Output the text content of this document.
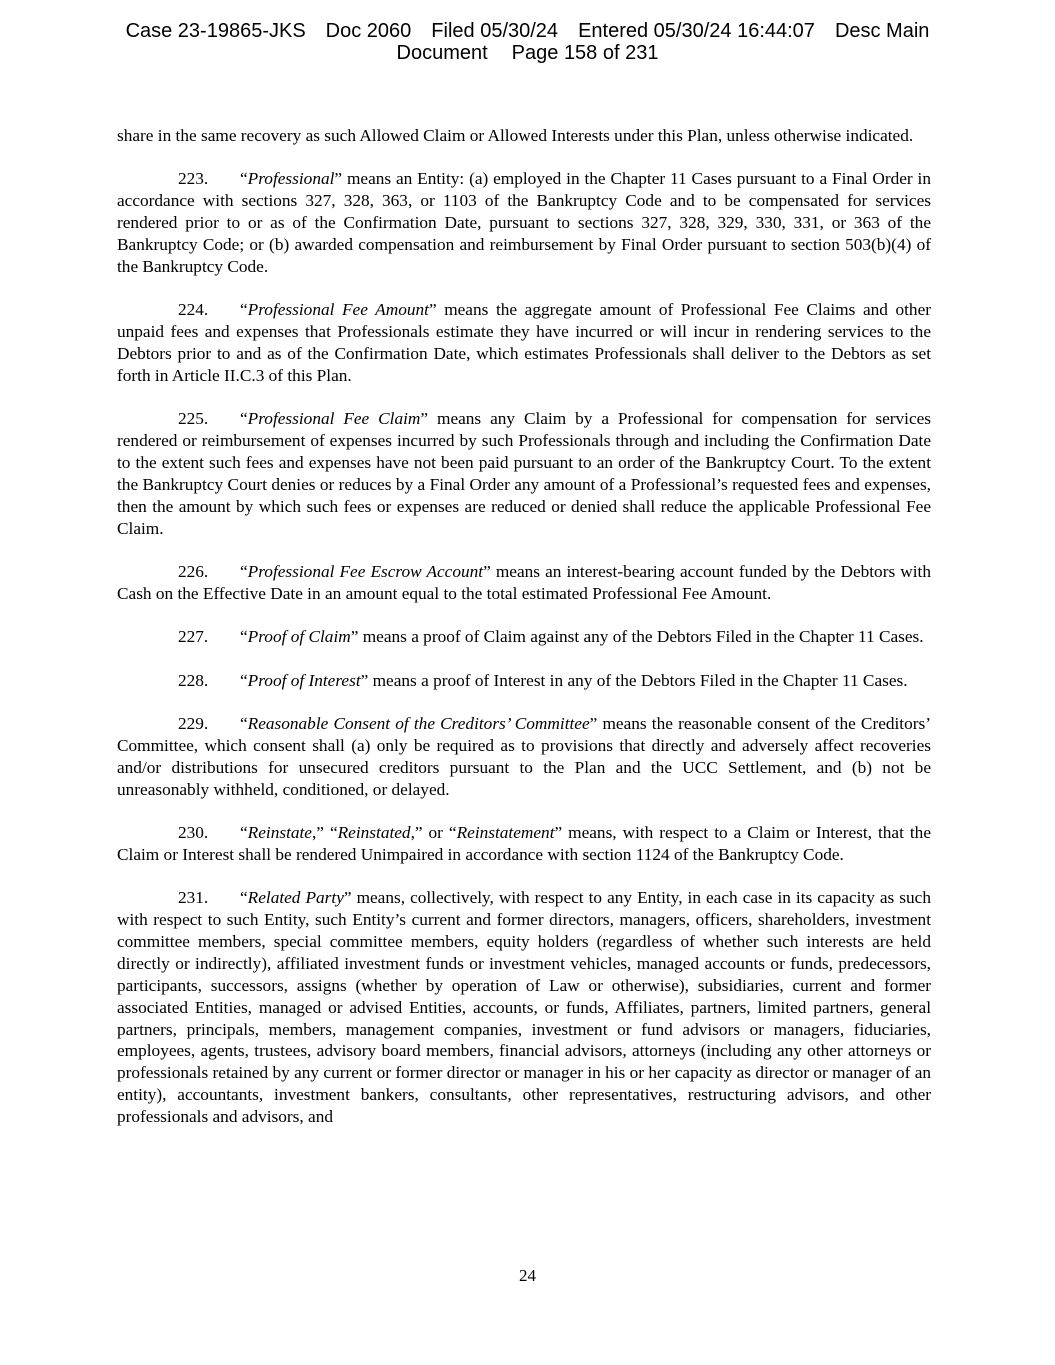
Case 23-19865-JKS Doc 2060 Filed 05/30/24 Entered 05/30/24 16:44:07 Desc Main
Document Page 158 of 231

share in the same recovery as such Allowed Claim or Allowed Interests under this Plan, unless otherwise indicated.

223. “Professional” means an Entity: (a) employed in the Chapter 11 Cases pursuant to a Final Order in accordance with sections 327, 328, 363, or 1103 of the Bankruptcy Code and to be compensated for services rendered prior to or as of the Confirmation Date, pursuant to sections 327, 328, 329, 330, 331, or 363 of the Bankruptcy Code; or (b) awarded compensation and reimbursement by Final Order pursuant to section 503(b)(4) of the Bankruptcy Code.

224. “Professional Fee Amount” means the aggregate amount of Professional Fee Claims and other unpaid fees and expenses that Professionals estimate they have incurred or will incur in rendering services to the Debtors prior to and as of the Confirmation Date, which estimates Professionals shall deliver to the Debtors as set forth in Article II.C.3 of this Plan.

225. “Professional Fee Claim” means any Claim by a Professional for compensation for services rendered or reimbursement of expenses incurred by such Professionals through and including the Confirmation Date to the extent such fees and expenses have not been paid pursuant to an order of the Bankruptcy Court. To the extent the Bankruptcy Court denies or reduces by a Final Order any amount of a Professional’s requested fees and expenses, then the amount by which such fees or expenses are reduced or denied shall reduce the applicable Professional Fee Claim.

226. “Professional Fee Escrow Account” means an interest-bearing account funded by the Debtors with Cash on the Effective Date in an amount equal to the total estimated Professional Fee Amount.

227. “Proof of Claim” means a proof of Claim against any of the Debtors Filed in the Chapter 11 Cases.

228. “Proof of Interest” means a proof of Interest in any of the Debtors Filed in the Chapter 11 Cases.

229. “Reasonable Consent of the Creditors’ Committee” means the reasonable consent of the Creditors’ Committee, which consent shall (a) only be required as to provisions that directly and adversely affect recoveries and/or distributions for unsecured creditors pursuant to the Plan and the UCC Settlement, and (b) not be unreasonably withheld, conditioned, or delayed.

230. “Reinstate,” “Reinstated,” or “Reinstatement” means, with respect to a Claim or Interest, that the Claim or Interest shall be rendered Unimpaired in accordance with section 1124 of the Bankruptcy Code.

231. “Related Party” means, collectively, with respect to any Entity, in each case in its capacity as such with respect to such Entity, such Entity’s current and former directors, managers, officers, shareholders, investment committee members, special committee members, equity holders (regardless of whether such interests are held directly or indirectly), affiliated investment funds or investment vehicles, managed accounts or funds, predecessors, participants, successors, assigns (whether by operation of Law or otherwise), subsidiaries, current and former associated Entities, managed or advised Entities, accounts, or funds, Affiliates, partners, limited partners, general partners, principals, members, management companies, investment or fund advisors or managers, fiduciaries, employees, agents, trustees, advisory board members, financial advisors, attorneys (including any other attorneys or professionals retained by any current or former director or manager in his or her capacity as director or manager of an entity), accountants, investment bankers, consultants, other representatives, restructuring advisors, and other professionals and advisors, and

24
